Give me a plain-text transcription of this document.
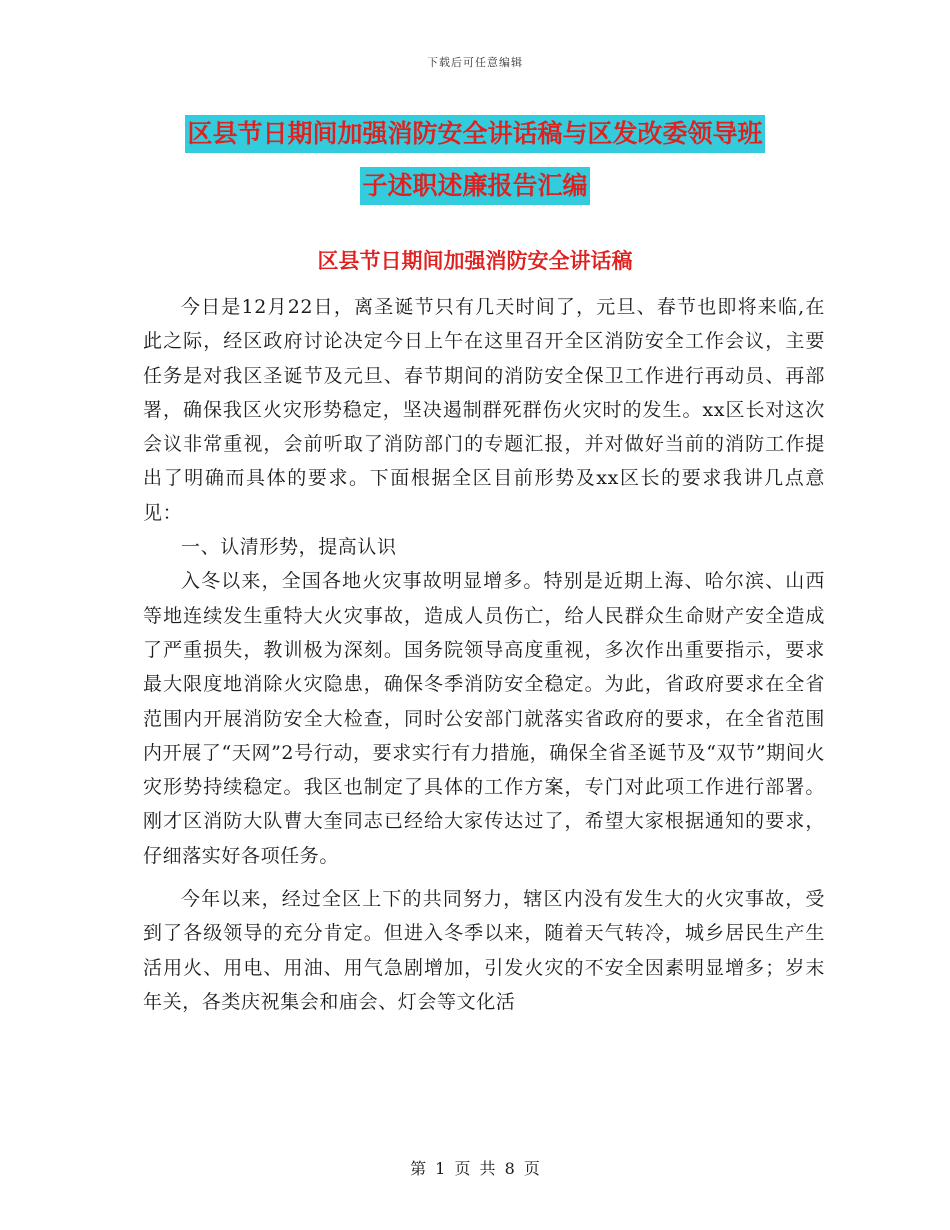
下载后可任意编辑
区县节日期间加强消防安全讲话稿与区发改委领导班
子述职述廉报告汇编
区县节日期间加强消防安全讲话稿

今日是12月22日，离圣诞节只有几天时间了，元旦、春节也即将来临,在此之际，经区政府讨论决定今日上午在这里召开全区消防安全工作会议，主要任务是对我区圣诞节及元旦、春节期间的消防安全保卫工作进行再动员、再部署，确保我区火灾形势稳定，坚决遏制群死群伤火灾时的发生。xx区长对这次会议非常重视，会前听取了消防部门的专题汇报，并对做好当前的消防工作提出了明确而具体的要求。下面根据全区目前形势及xx区长的要求我讲几点意见：

一、认清形势，提高认识

入冬以来，全国各地火灾事故明显增多。特别是近期上海、哈尔滨、山西等地连续发生重特大火灾事故，造成人员伤亡，给人民群众生命财产安全造成了严重损失，教训极为深刻。国务院领导高度重视，多次作出重要指示，要求最大限度地消除火灾隐患，确保冬季消防安全稳定。为此，省政府要求在全省范围内开展消防安全大检查，同时公安部门就落实省政府的要求，在全省范围内开展了“天网”2号行动，要求实行有力措施，确保全省圣诞节及“双节”期间火灾形势持续稳定。我区也制定了具体的工作方案，专门对此项工作进行部署。刚才区消防大队曹大奎同志已经给大家传达过了，希望大家根据通知的要求，仔细落实好各项任务。

今年以来，经过全区上下的共同努力，辖区内没有发生大的火灾事故，受到了各级领导的充分肯定。但进入冬季以来，随着天气转冷，城乡居民生产生活用火、用电、用油、用气急剧增加，引发火灾的不安全因素明显增多；岁末年关，各类庆祝集会和庙会、灯会等文化活

第 1 页 共 8 页
